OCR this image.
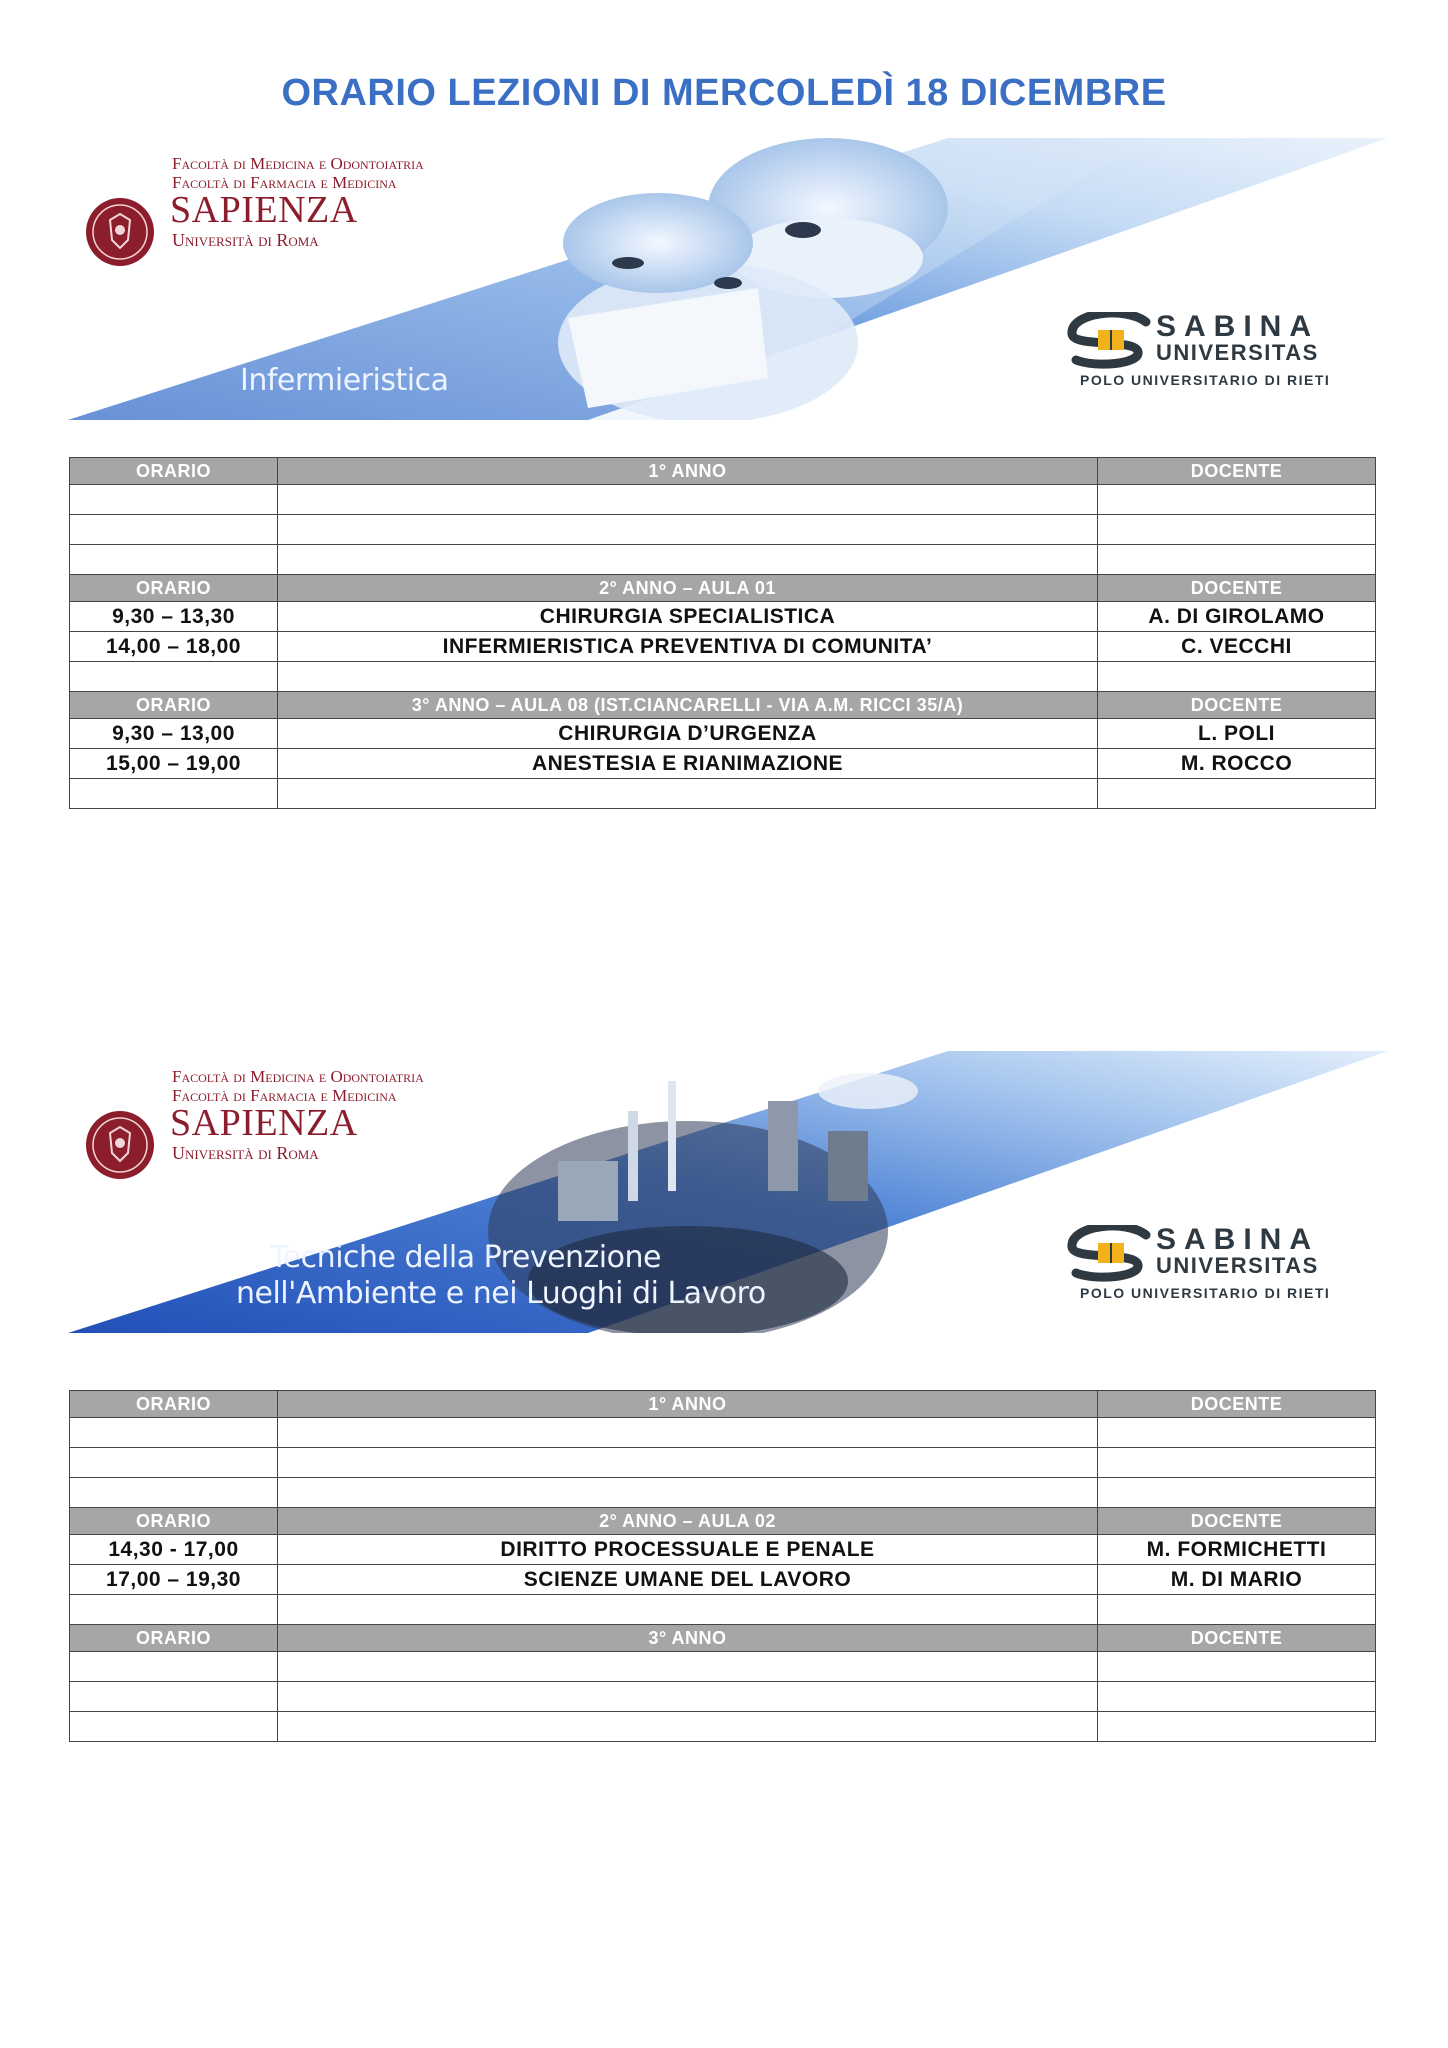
ORARIO LEZIONI DI MERCOLEDÌ 18 DICEMBRE
Facoltà di Medicina e Odontoiatria
Facoltà di Farmacia e Medicina
SAPIENZA
Università di Roma
Infermieristica
SABINA
UNIVERSITAS
POLO UNIVERSITARIO DI RIETI
ORARIO	1° ANNO	DOCENTE

ORARIO	2° ANNO – AULA 01	DOCENTE
9,30 – 13,30	CHIRURGIA SPECIALISTICA	A. DI GIROLAMO
14,00 – 18,00	INFERMIERISTICA PREVENTIVA DI COMUNITA’	C. VECCHI

ORARIO	3° ANNO – AULA 08 (IST.CIANCARELLI - VIA A.M. RICCI 35/A)	DOCENTE
9,30 – 13,00	CHIRURGIA D’URGENZA	L. POLI
15,00 – 19,00	ANESTESIA E RIANIMAZIONE	M. ROCCO

Facoltà di Medicina e Odontoiatria
Facoltà di Farmacia e Medicina
SAPIENZA
Università di Roma
Tecniche della Prevenzione
nell'Ambiente e nei Luoghi di Lavoro
SABINA
UNIVERSITAS
POLO UNIVERSITARIO DI RIETI
ORARIO	1° ANNO	DOCENTE

ORARIO	2° ANNO – AULA 02	DOCENTE
14,30 - 17,00	DIRITTO PROCESSUALE E PENALE	M. FORMICHETTI
17,00 – 19,30	SCIENZE UMANE DEL LAVORO	M. DI MARIO

ORARIO	3° ANNO	DOCENTE
